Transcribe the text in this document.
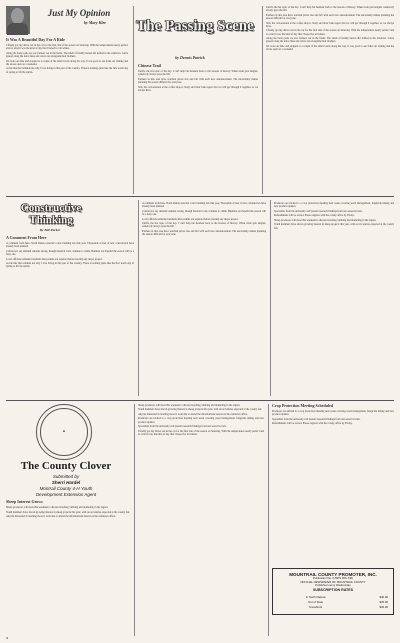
Just My Opinion
by Mary Klee
It Was A Beautiful Day For A Ride

I finally got my driver out in the car for the first ride of the season on Saturday. With the temperatures nearly perfect and no wind it was the kind of day that I hoped for all winter.

Along the back roads we saw farmers out in the fields. The smell of freshly turned dirt drifted in the windows. Cattle grazed along the fence lines and calves ran alongside their mothers.

We took our time and stopped at a couple of the small towns along the way. It was good to see folks out visiting and the stores open on a weekend.

A ride like that reminds me why I love living in this part of the country. There is nothing quite like the first warm day of spring to lift the spirits.

The Passing Scene
by Dennis Patrick
Chinese Trail

Tariffs, the hot topic of the day. I can't help but hearken back to the lessons of history. When trade gets tangled, somebody always pays the bill.

Farmers in this area have watched prices rise and fall with each new announcement. The uncertainty makes planning the season difficult for everyone.

Still, the conversation at the coffee shop is lively and most folks agree that we will get through it together, as we always have.

Tariffs, the hot topic of the day. I can't help but hearken back to the lessons of history. When trade gets tangled, somebody always pays the bill.

Farmers in this area have watched prices rise and fall with each new announcement. The uncertainty makes planning the season difficult for everyone.

Still, the conversation at the coffee shop is lively and most folks agree that we will get through it together, as we always have.

I finally got my driver out in the car for the first ride of the season on Saturday. With the temperatures nearly perfect and no wind it was the kind of day that I hoped for all winter.

Along the back roads we saw farmers out in the fields. The smell of freshly turned dirt drifted in the windows. Cattle grazed along the fence lines and calves ran alongside their mothers.

We took our time and stopped at a couple of the small towns along the way. It was good to see folks out visiting and the stores open on a weekend.

Constructive Thinking
By Bill Parker
A Comment From Here

A comment from here. North Dakota enacted a new building law this year. Thousands of feet of new construction have already been planned.

Contractors say demand remains strong, though material costs continue to climb. Builders are hopeful the season will be a busy one.

Local officials reminded residents that permits are required before starting any major project.

A ride like that reminds me why I love living in this part of the country. There is nothing quite like the first warm day of spring to lift the spirits.

A comment from here. North Dakota enacted a new building law this year. Thousands of feet of new construction have already been planned.

Contractors say demand remains strong, though material costs continue to climb. Builders are hopeful the season will be a busy one.

Local officials reminded residents that permits are required before starting any major project.

Tariffs, the hot topic of the day. I can't help but hearken back to the lessons of history. When trade gets tangled, somebody always pays the bill.

Farmers in this area have watched prices rise and fall with each new announcement. The uncertainty makes planning the season difficult for everyone.

Producers are invited to a crop protection meeting next week covering weed management, fungicide timing and new product updates.

Specialists from the university will present research findings from last season's trials.

Refreshments will be served. Please register with the county office by Friday.

Sheep producers will meet this weekend to discuss breeding, lambing and marketing in the region.

Youth members have shown growing interest in sheep projects this year, with record entries expected at the county fair.

♣
The County Clover
Submitted by
Sherri Hardel
Montrail County 4-H Youth
Development Extension Agent
Sheep Interest Grows

Sheep producers will meet this weekend to discuss breeding, lambing and marketing in the region.

Youth members have shown growing interest in sheep projects this year, with record entries expected at the county fair.

Anyone interested in learning more is welcome to attend the informational session at the extension office.

Sheep producers will meet this weekend to discuss breeding, lambing and marketing in the region.

Youth members have shown growing interest in sheep projects this year, with record entries expected at the county fair.

Anyone interested in learning more is welcome to attend the informational session at the extension office.

Producers are invited to a crop protection meeting next week covering weed management, fungicide timing and new product updates.

Specialists from the university will present research findings from last season's trials.

I finally got my driver out in the car for the first ride of the season on Saturday. With the temperatures nearly perfect and no wind it was the kind of day that I hoped for all winter.

Crop Protection Meeting Scheduled

Producers are invited to a crop protection meeting next week covering weed management, fungicide timing and new product updates.

Specialists from the university will present research findings from last season's trials.

Refreshments will be served. Please register with the county office by Friday.

MOUNTRAIL COUNTY PROMOTER, INC.
Publication No. (USPS 366-740)
OFFICIAL NEWSPAPER OF MOUNTRAIL COUNTY
Published every Wednesday
SUBSCRIPTION RATES
In North Dakota	$40.00
Out of State	$45.00
Snowbirds	$45.00
4
